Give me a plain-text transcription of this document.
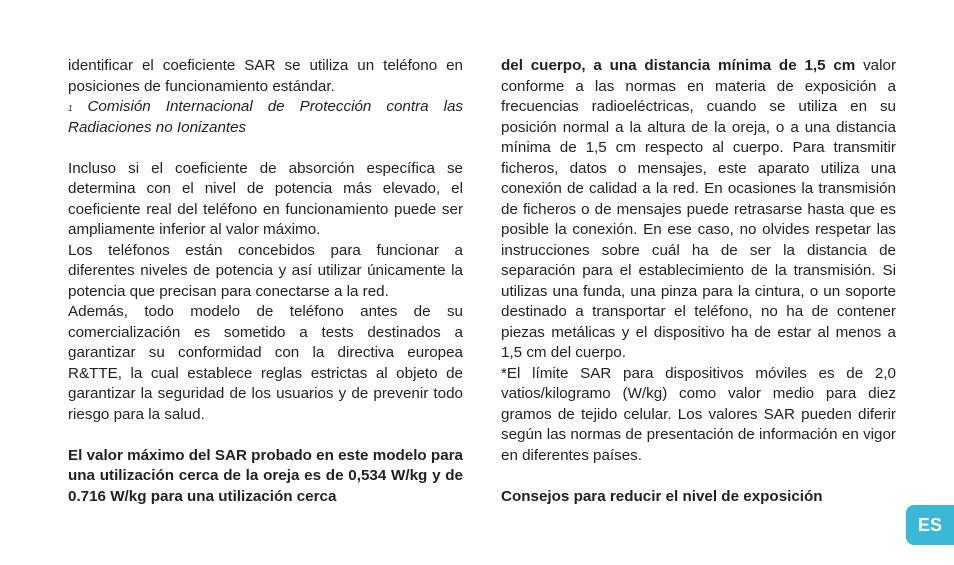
identificar el coeficiente SAR se utiliza un teléfono en posiciones de funcionamiento estándar.

$^1$ Comisión Internacional de Protección contra las Radiaciones no Ionizantes

Incluso si el coeficiente de absorción específica se determina con el nivel de potencia más elevado, el coeficiente real del teléfono en funcionamiento puede ser ampliamente inferior al valor máximo.

Los teléfonos están concebidos para funcionar a diferentes niveles de potencia y así utilizar únicamente la potencia que precisan para conectarse a la red.

Además, todo modelo de teléfono antes de su comercialización es sometido a tests destinados a garantizar su conformidad con la directiva europea R&TTE, la cual establece reglas estrictas al objeto de garantizar la seguridad de los usuarios y de prevenir todo riesgo para la salud.

El valor máximo del SAR probado en este modelo para una utilización cerca de la oreja es de 0,534 W/kg y de 0.716 W/kg para una utilización cerca

del cuerpo, a una distancia mínima de 1,5 cm valor conforme a las normas en materia de exposición a frecuencias radioeléctricas, cuando se utiliza en su posición normal a la altura de la oreja, o a una distancia mínima de 1,5 cm respecto al cuerpo. Para transmitir ficheros, datos o mensajes, este aparato utiliza una conexión de calidad a la red. En ocasiones la transmisión de ficheros o de mensajes puede retrasarse hasta que es posible la conexión. En ese caso, no olvides respetar las instrucciones sobre cuál ha de ser la distancia de separación para el establecimiento de la transmisión. Si utilizas una funda, una pinza para la cintura, o un soporte destinado a transportar el teléfono, no ha de contener piezas metálicas y el dispositivo ha de estar al menos a 1,5 cm del cuerpo.

*El límite SAR para dispositivos móviles es de 2,0 vatios/kilogramo (W/kg) como valor medio para diez gramos de tejido celular. Los valores SAR pueden diferir según las normas de presentación de información en vigor en diferentes países.

Consejos para reducir el nivel de exposición

ES
